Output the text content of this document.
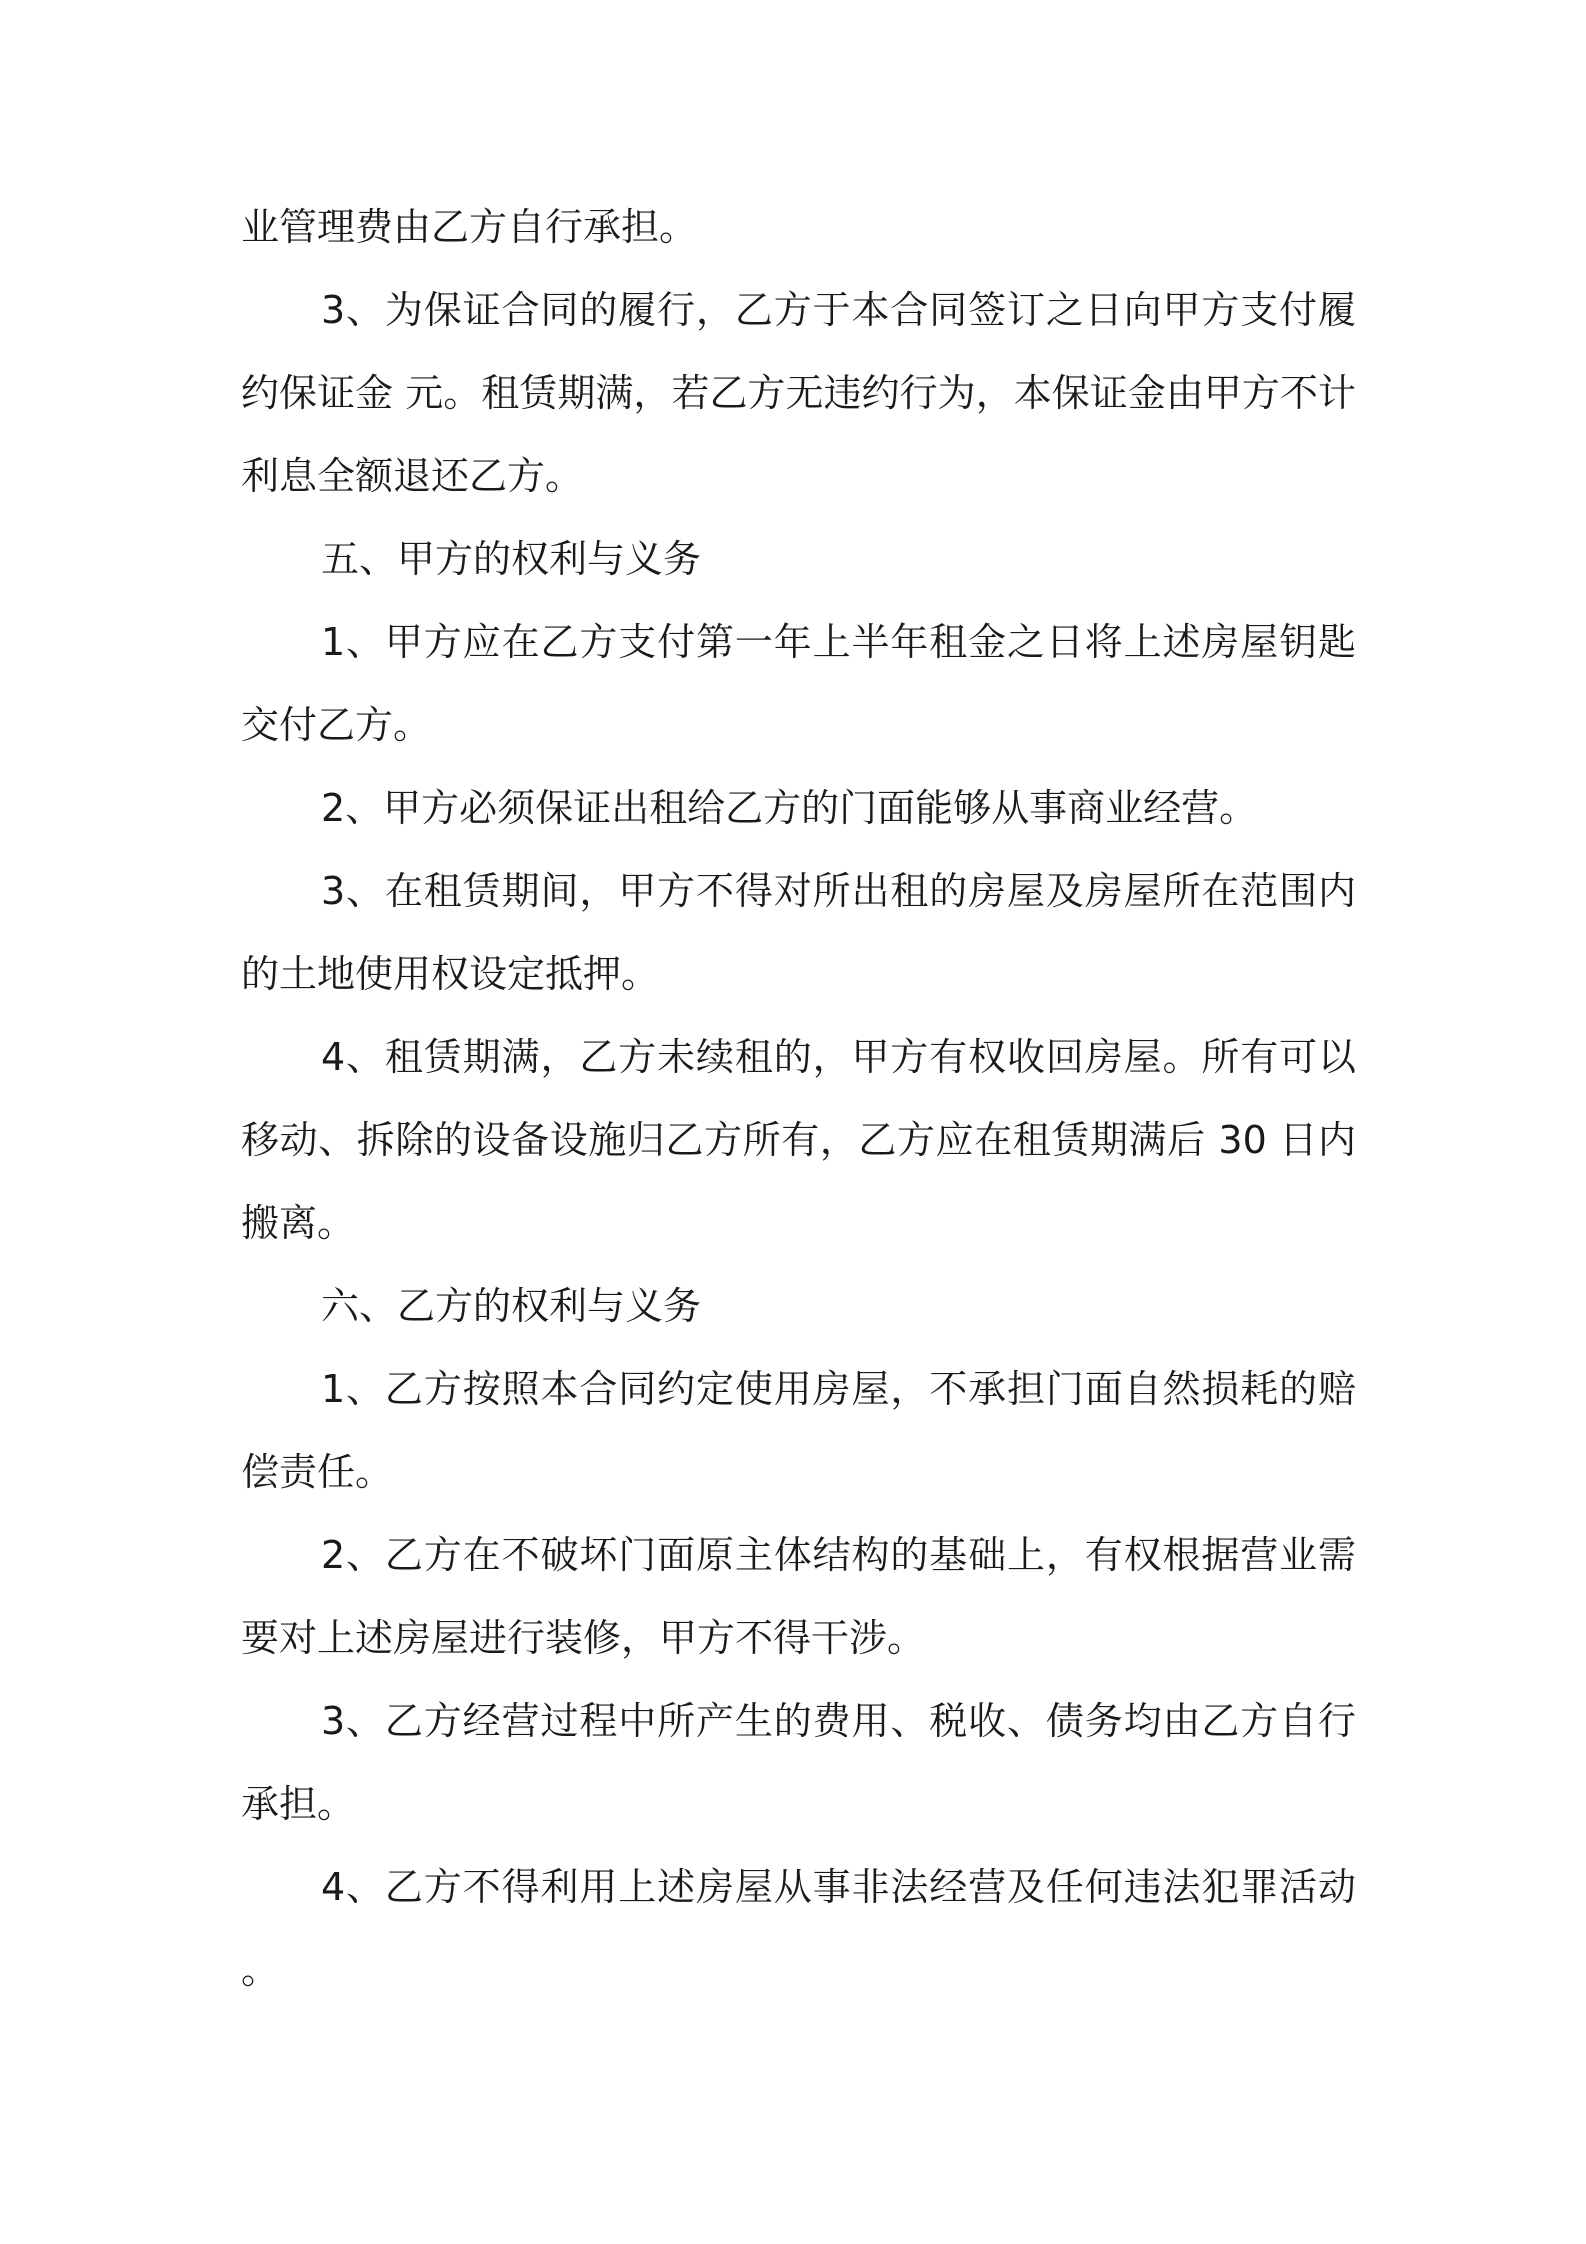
业管理费由乙方自行承担。

3、为保证合同的履行，乙方于本合同签订之日向甲方支付履约保证金 元。租赁期满，若乙方无违约行为，本保证金由甲方不计利息全额退还乙方。

五、甲方的权利与义务

1、甲方应在乙方支付第一年上半年租金之日将上述房屋钥匙交付乙方。

2、甲方必须保证出租给乙方的门面能够从事商业经营。

3、在租赁期间，甲方不得对所出租的房屋及房屋所在范围内的土地使用权设定抵押。

4、租赁期满，乙方未续租的，甲方有权收回房屋。所有可以移动、拆除的设备设施归乙方所有，乙方应在租赁期满后 30 日内搬离。

六、乙方的权利与义务

1、乙方按照本合同约定使用房屋，不承担门面自然损耗的赔偿责任。

2、乙方在不破坏门面原主体结构的基础上，有权根据营业需要对上述房屋进行装修，甲方不得干涉。

3、乙方经营过程中所产生的费用、税收、债务均由乙方自行承担。

4、乙方不得利用上述房屋从事非法经营及任何违法犯罪活动。
